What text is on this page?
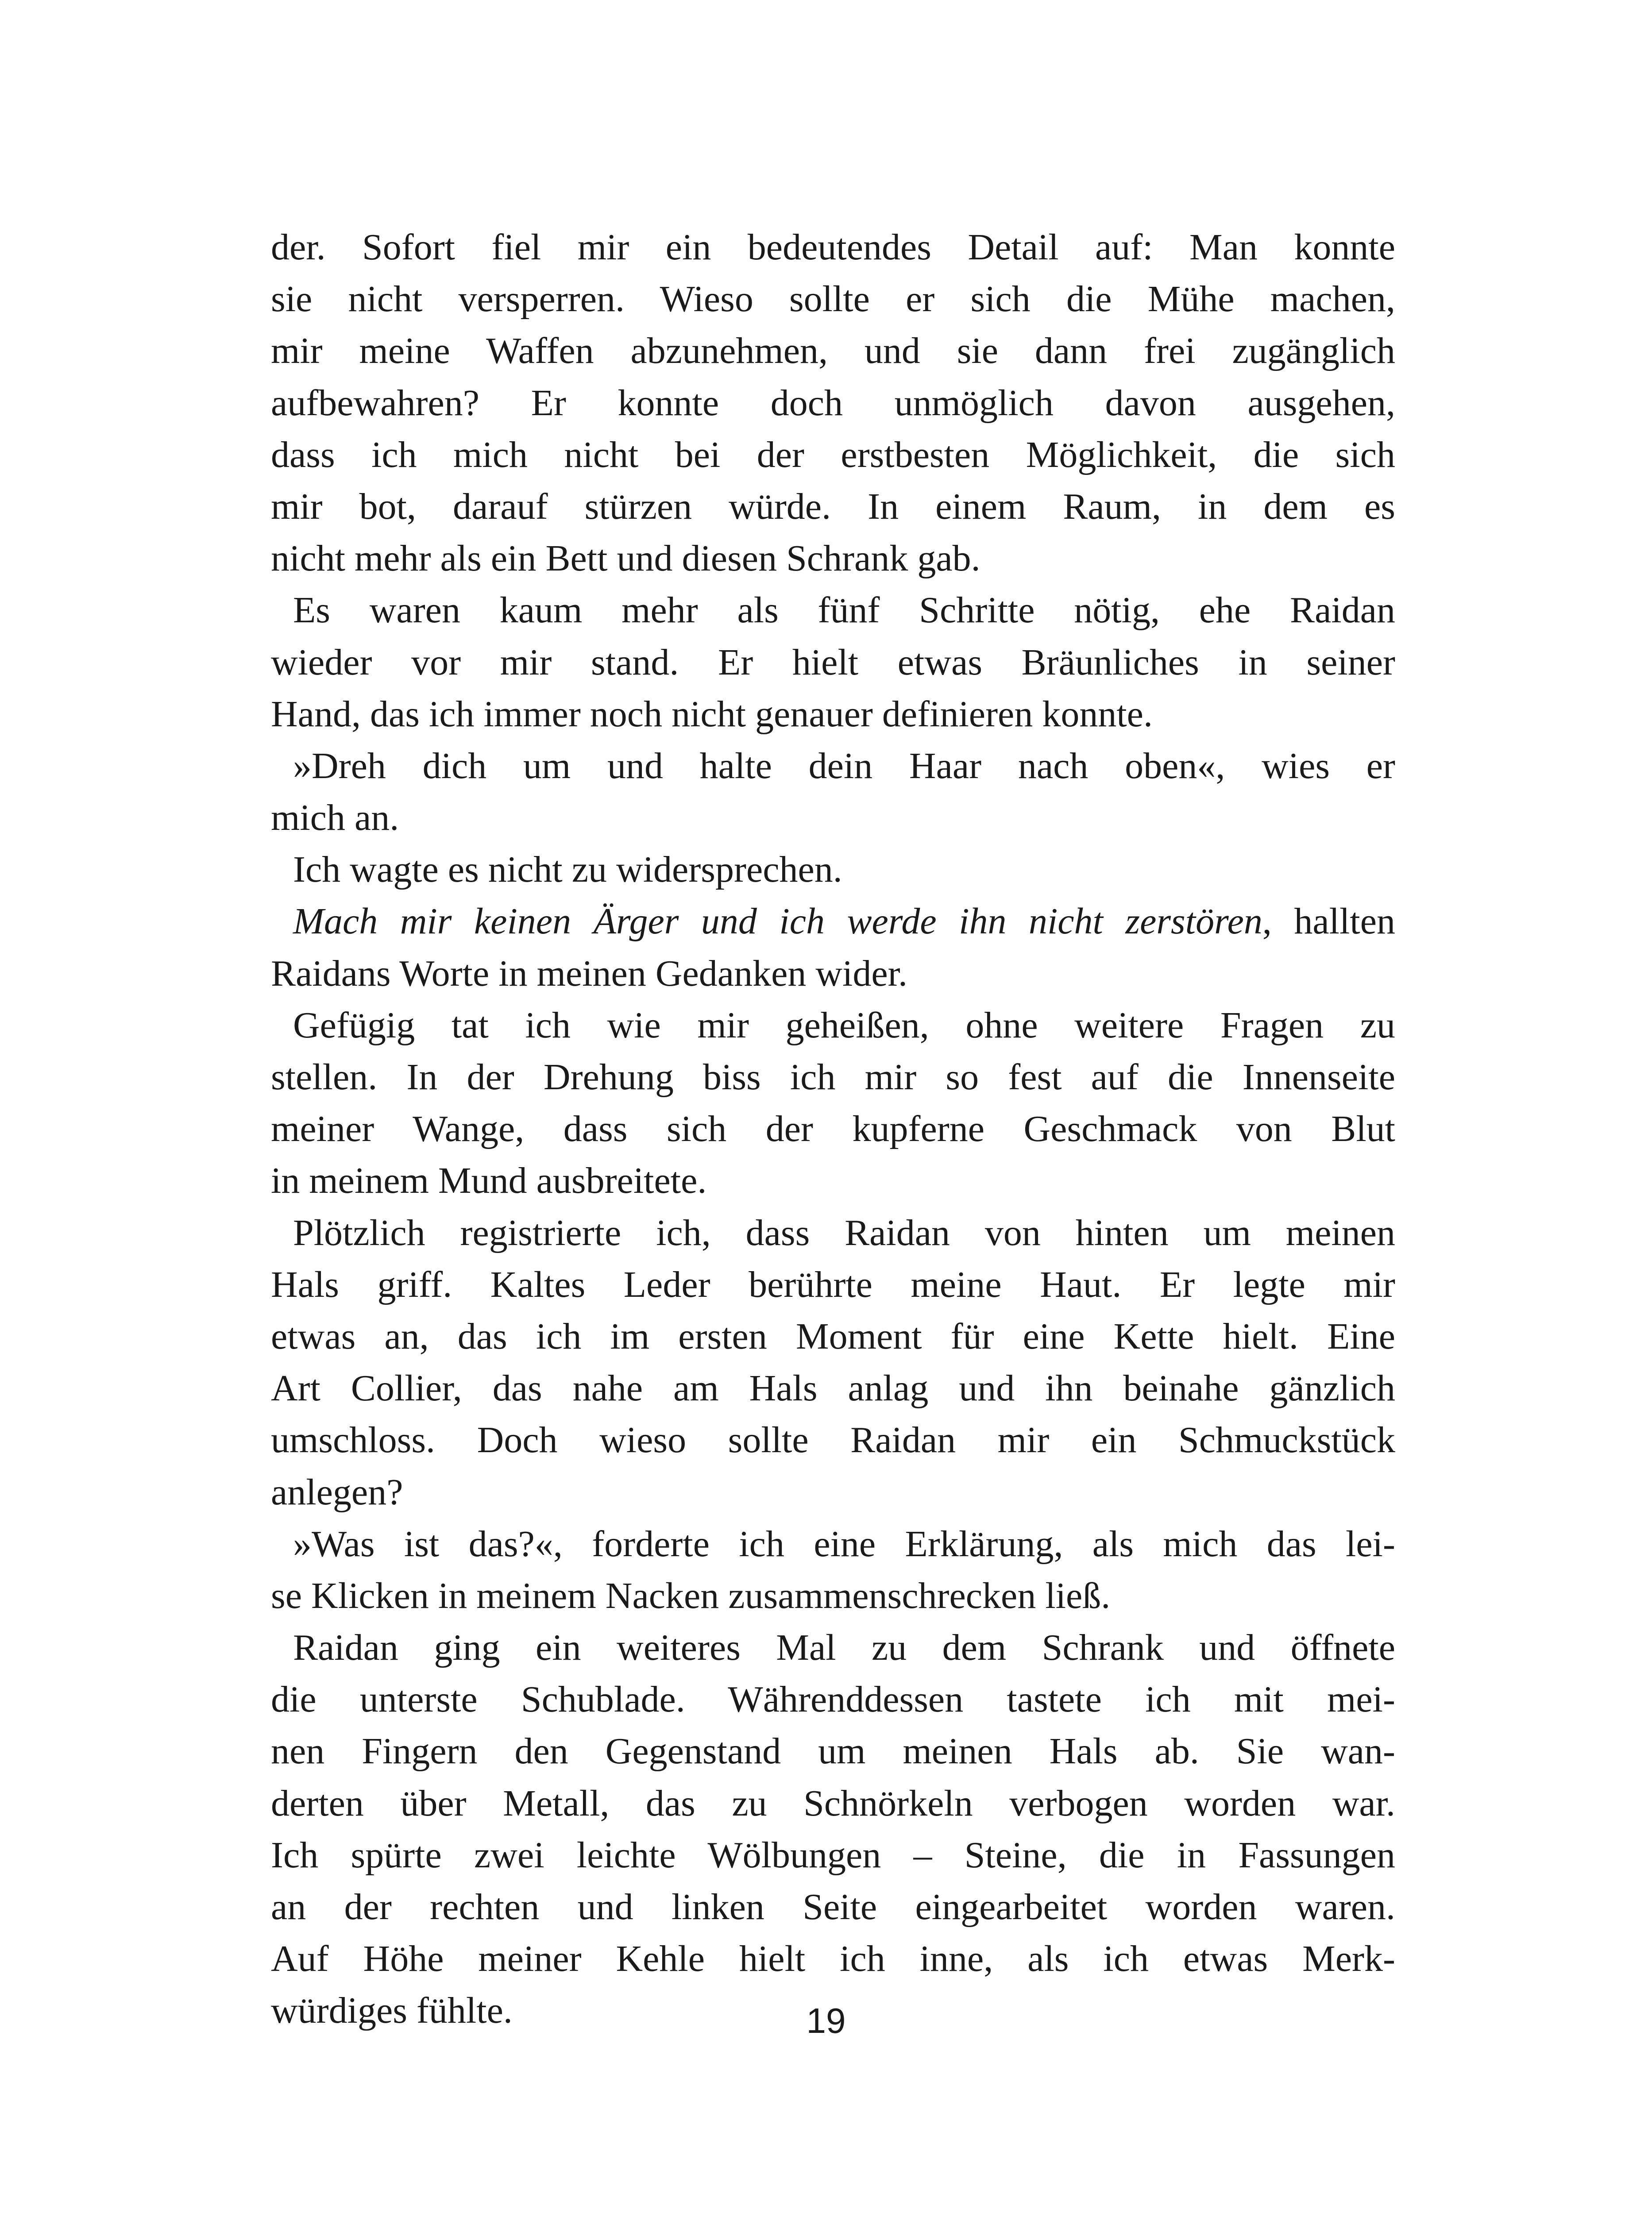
der. Sofort fiel mir ein bedeutendes Detail auf: Man konnte
sie nicht versperren. Wieso sollte er sich die Mühe machen,
mir meine Waffen abzunehmen, und sie dann frei zugänglich
aufbewahren? Er konnte doch unmöglich davon ausgehen,
dass ich mich nicht bei der erstbesten Möglichkeit, die sich
mir bot, darauf stürzen würde. In einem Raum, in dem es
nicht mehr als ein Bett und diesen Schrank gab.
Es waren kaum mehr als fünf Schritte nötig, ehe Raidan
wieder vor mir stand. Er hielt etwas Bräunliches in seiner
Hand, das ich immer noch nicht genauer definieren konnte.
»Dreh dich um und halte dein Haar nach oben«, wies er
mich an.
Ich wagte es nicht zu widersprechen.
Mach mir keinen Ärger und ich werde ihn nicht zerstören, hallten
Raidans Worte in meinen Gedanken wider.
Gefügig tat ich wie mir geheißen, ohne weitere Fragen zu
stellen. In der Drehung biss ich mir so fest auf die Innenseite
meiner Wange, dass sich der kupferne Geschmack von Blut
in meinem Mund ausbreitete.
Plötzlich registrierte ich, dass Raidan von hinten um meinen
Hals griff. Kaltes Leder berührte meine Haut. Er legte mir
etwas an, das ich im ersten Moment für eine Kette hielt. Eine
Art Collier, das nahe am Hals anlag und ihn beinahe gänzlich
umschloss. Doch wieso sollte Raidan mir ein Schmuckstück
anlegen?
»Was ist das?«, forderte ich eine Erklärung, als mich das lei-
se Klicken in meinem Nacken zusammenschrecken ließ.
Raidan ging ein weiteres Mal zu dem Schrank und öffnete
die unterste Schublade. Währenddessen tastete ich mit mei-
nen Fingern den Gegenstand um meinen Hals ab. Sie wan-
derten über Metall, das zu Schnörkeln verbogen worden war.
Ich spürte zwei leichte Wölbungen – Steine, die in Fassungen
an der rechten und linken Seite eingearbeitet worden waren.
Auf Höhe meiner Kehle hielt ich inne, als ich etwas Merk-
würdiges fühlte.	19
